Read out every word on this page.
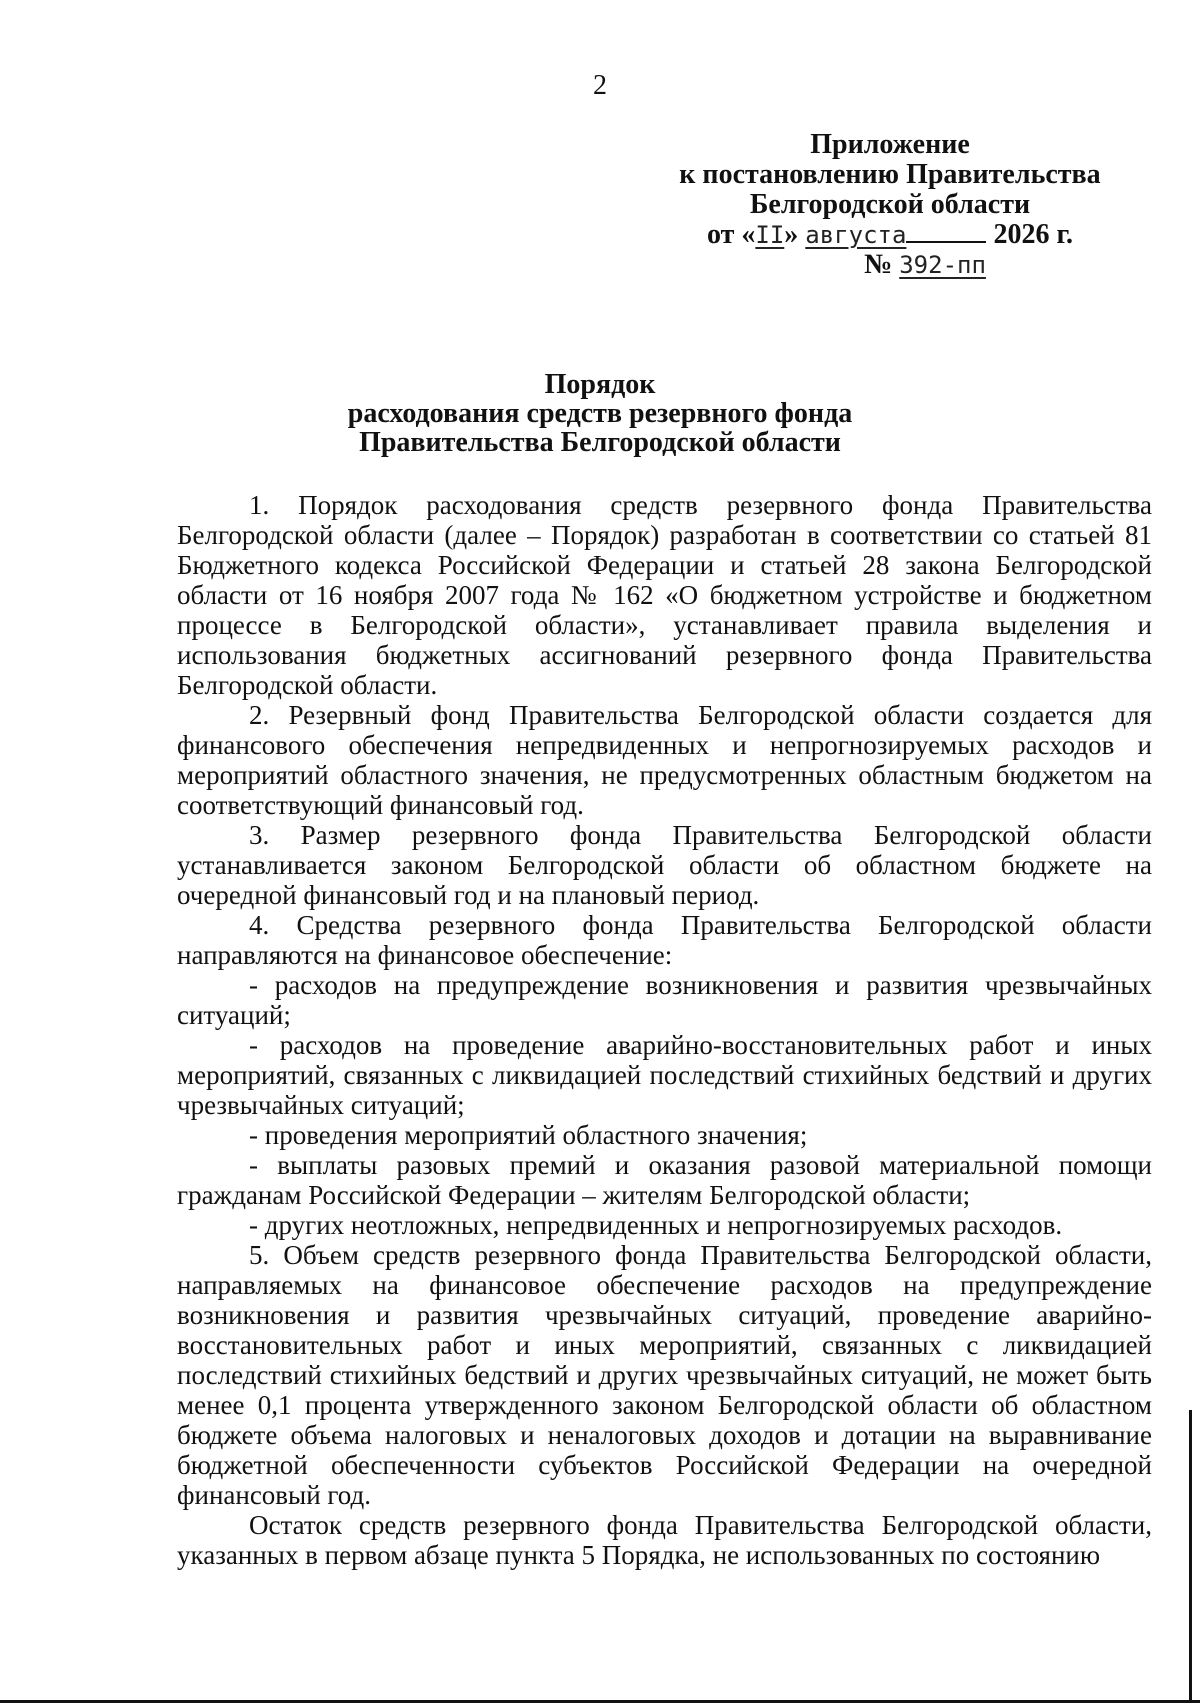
2
Приложение
к постановлению Правительства
Белгородской области
от «II» августа	2026 г.
№ 392-пп
Порядок
расходования средств резервного фонда
Правительства Белгородской области

1. Порядок расходования средств резервного фонда Правительства Белгородской области (далее – Порядок) разработан в соответствии со статьей 81 Бюджетного кодекса Российской Федерации и статьей 28 закона Белгородской области от 16 ноября 2007 года № 162 «О бюджетном устройстве и бюджетном процессе в Белгородской области», устанавливает правила выделения и использования бюджетных ассигнований резервного фонда Правительства Белгородской области.

2. Резервный фонд Правительства Белгородской области создается для финансового обеспечения непредвиденных и непрогнозируемых расходов и мероприятий областного значения, не предусмотренных областным бюджетом на соответствующий финансовый год.

3. Размер резервного фонда Правительства Белгородской области устанавливается законом Белгородской области об областном бюджете на очередной финансовый год и на плановый период.

4. Средства резервного фонда Правительства Белгородской области направляются на финансовое обеспечение:

- расходов на предупреждение возникновения и развития чрезвычайных ситуаций;

- расходов на проведение аварийно-восстановительных работ и иных мероприятий, связанных с ликвидацией последствий стихийных бедствий и других чрезвычайных ситуаций;

- проведения мероприятий областного значения;

- выплаты разовых премий и оказания разовой материальной помощи гражданам Российской Федерации – жителям Белгородской области;

- других неотложных, непредвиденных и непрогнозируемых расходов.

5. Объем средств резервного фонда Правительства Белгородской области, направляемых на финансовое обеспечение расходов на предупреждение возникновения и развития чрезвычайных ситуаций, проведение аварийно-восстановительных работ и иных мероприятий, связанных с ликвидацией последствий стихийных бедствий и других чрезвычайных ситуаций, не может быть менее 0,1 процента утвержденного законом Белгородской области об областном бюджете объема налоговых и неналоговых доходов и дотации на выравнивание бюджетной обеспеченности субъектов Российской Федерации на очередной финансовый год.

Остаток средств резервного фонда Правительства Белгородской области, указанных в первом абзаце пункта 5 Порядка, не использованных по состоянию
